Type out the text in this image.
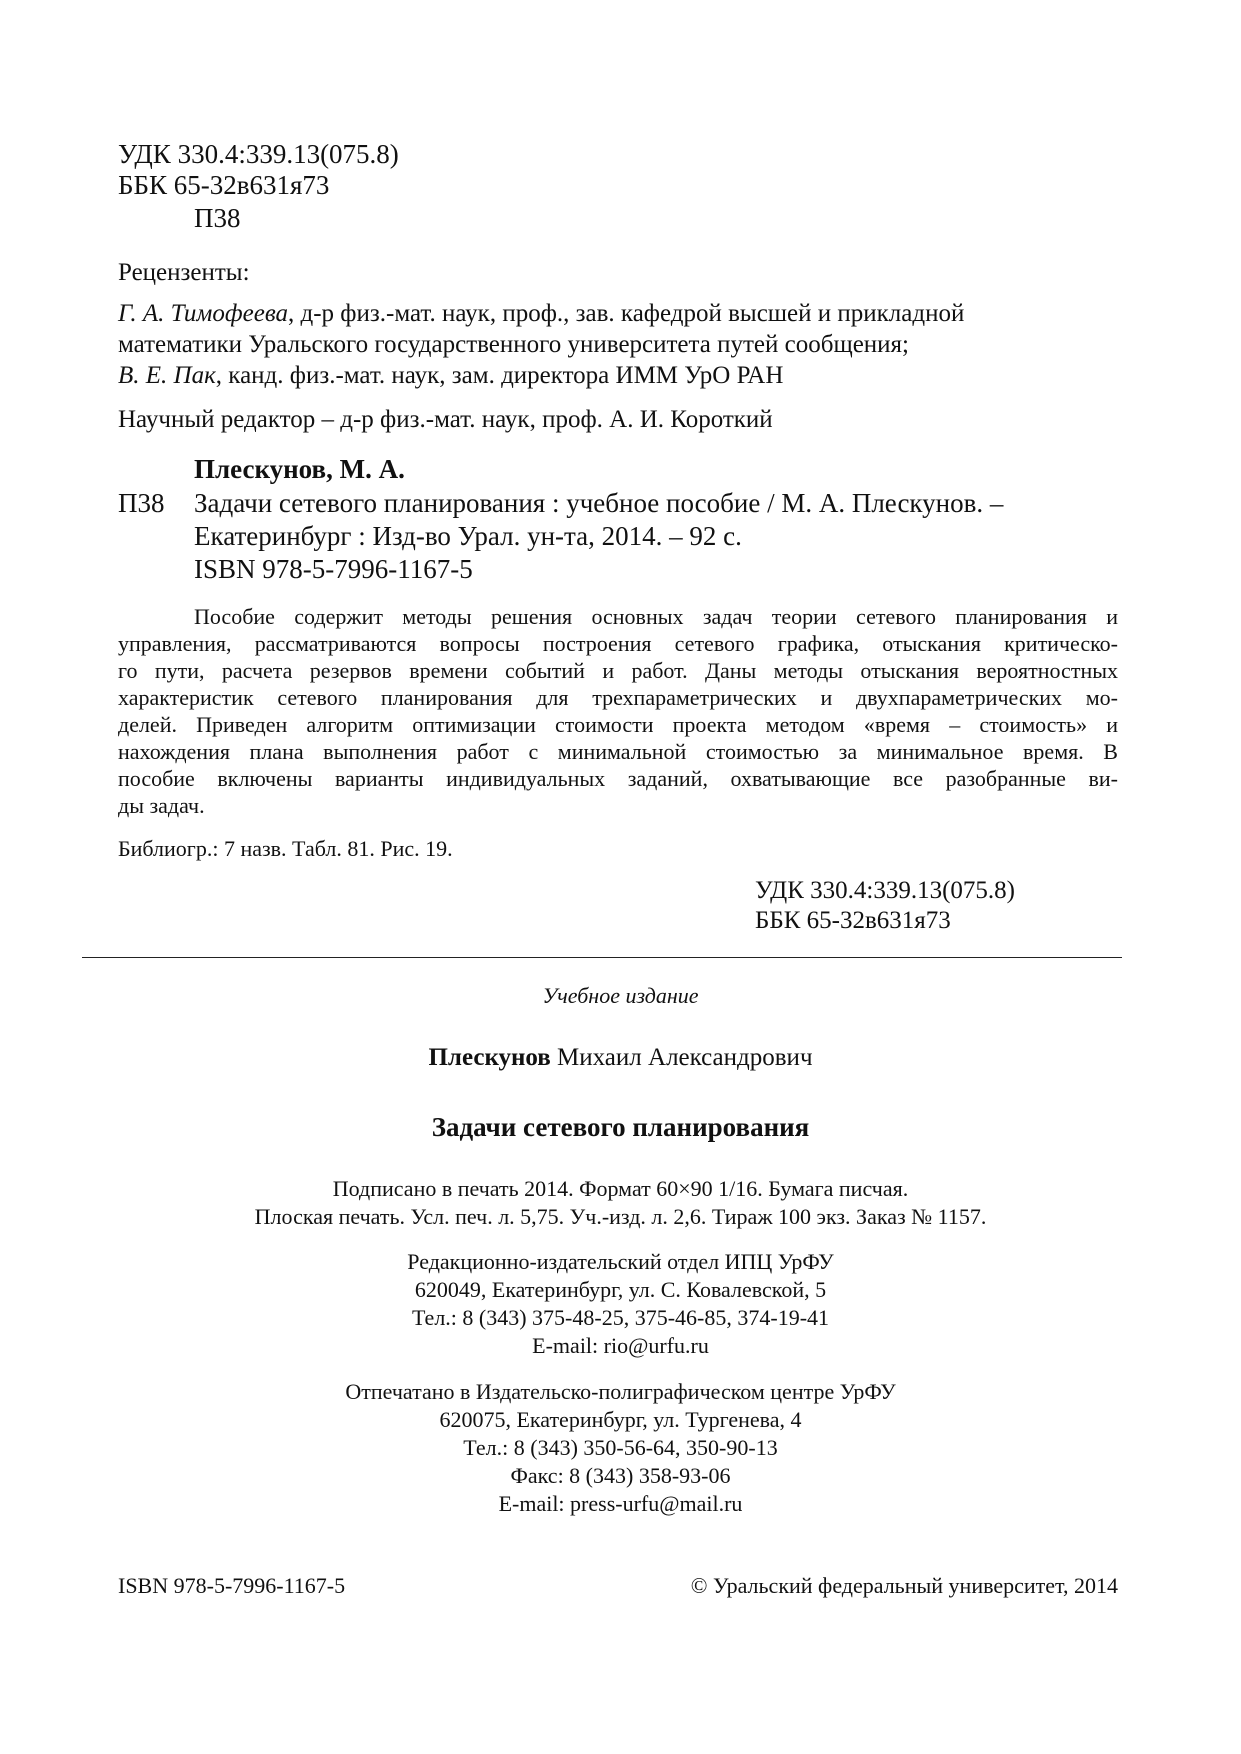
УДК 330.4:339.13(075.8)
ББК 65-32в631я73
П38
Рецензенты:
Г. А. Тимофеева, д-р физ.-мат. наук, проф., зав. кафедрой высшей и прикладной
математики Уральского государственного университета путей сообщения;
В. Е. Пак, канд. физ.-мат. наук, зам. директора ИММ УрО РАН
Научный редактор – д-р физ.-мат. наук, проф. А. И. Короткий
Плескунов, М. А.
П38 Задачи сетевого планирования : учебное пособие / М. А. Плескунов. –
Екатеринбург : Изд-во Урал. ун-та, 2014. – 92 с.
ISBN 978-5-7996-1167-5
Пособие содержит методы решения основных задач теории сетевого планирования и
управления, рассматриваются вопросы построения сетевого графика, отыскания критическо-
го пути, расчета резервов времени событий и работ. Даны методы отыскания вероятностных
характеристик сетевого планирования для трехпараметрических и двухпараметрических мо-
делей. Приведен алгоритм оптимизации стоимости проекта методом «время – стоимость» и
нахождения плана выполнения работ с минимальной стоимостью за минимальное время. В
пособие включены варианты индивидуальных заданий, охватывающие все разобранные ви-
ды задач.
Библиогр.: 7 назв. Табл. 81. Рис. 19.
УДК 330.4:339.13(075.8)
ББК 65-32в631я73
Учебное издание
Плескунов Михаил Александрович
Задачи сетевого планирования
Подписано в печать 2014. Формат 60×90 1/16. Бумага писчая.
Плоская печать. Усл. печ. л. 5,75. Уч.-изд. л. 2,6. Тираж 100 экз. Заказ № 1157.
Редакционно-издательский отдел ИПЦ УрФУ
620049, Екатеринбург, ул. С. Ковалевской, 5
Тел.: 8 (343) 375-48-25, 375-46-85, 374-19-41
E-mail: rio@urfu.ru
Отпечатано в Издательско-полиграфическом центре УрФУ
620075, Екатеринбург, ул. Тургенева, 4
Тел.: 8 (343) 350-56-64, 350-90-13
Факс: 8 (343) 358-93-06
E-mail: press-urfu@mail.ru
ISBN 978-5-7996-1167-5	© Уральский федеральный университет, 2014
